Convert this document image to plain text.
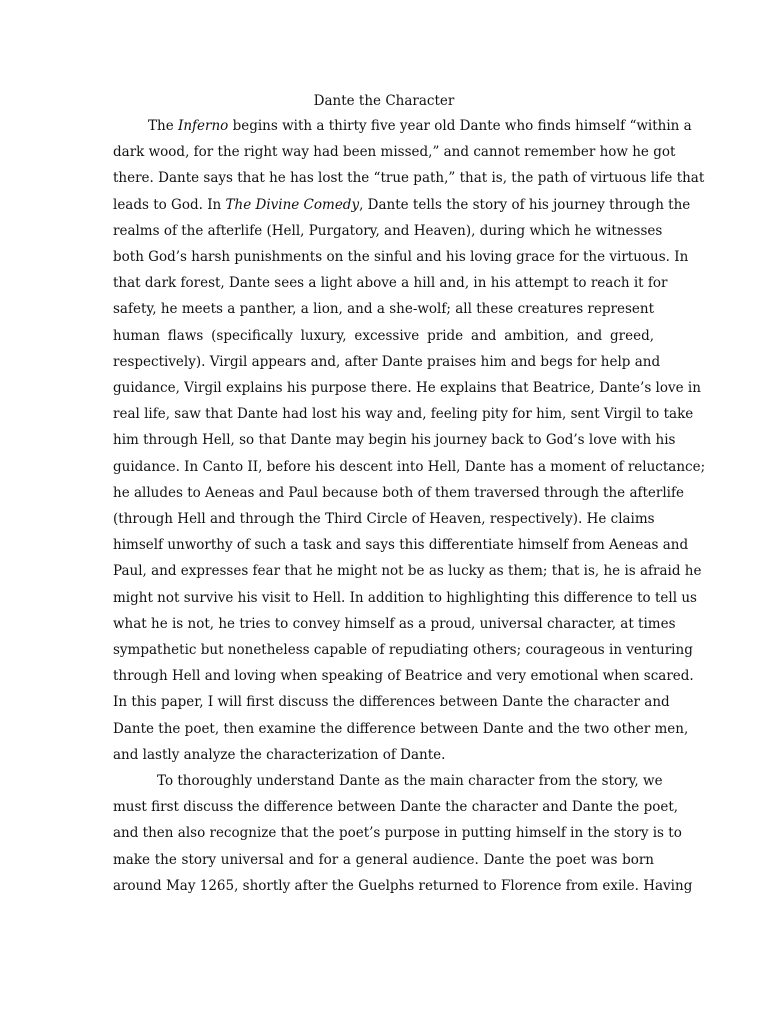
Dante the Character
The Inferno begins with a thirty five year old Dante who finds himself “within a
dark wood, for the right way had been missed,” and cannot remember how he got
there. Dante says that he has lost the “true path,” that is, the path of virtuous life that
leads to God. In The Divine Comedy, Dante tells the story of his journey through the
realms of the afterlife (Hell, Purgatory, and Heaven), during which he witnesses
both God’s harsh punishments on the sinful and his loving grace for the virtuous. In
that dark forest, Dante sees a light above a hill and, in his attempt to reach it for
safety, he meets a panther, a lion, and a she-wolf; all these creatures represent
human flaws (specifically luxury, excessive pride and ambition, and greed,
respectively). Virgil appears and, after Dante praises him and begs for help and
guidance, Virgil explains his purpose there. He explains that Beatrice, Dante’s love in
real life, saw that Dante had lost his way and, feeling pity for him, sent Virgil to take
him through Hell, so that Dante may begin his journey back to God’s love with his
guidance. In Canto II, before his descent into Hell, Dante has a moment of reluctance;
he alludes to Aeneas and Paul because both of them traversed through the afterlife
(through Hell and through the Third Circle of Heaven, respectively). He claims
himself unworthy of such a task and says this differentiate himself from Aeneas and
Paul, and expresses fear that he might not be as lucky as them; that is, he is afraid he
might not survive his visit to Hell. In addition to highlighting this difference to tell us
what he is not, he tries to convey himself as a proud, universal character, at times
sympathetic but nonetheless capable of repudiating others; courageous in venturing
through Hell and loving when speaking of Beatrice and very emotional when scared.
In this paper, I will first discuss the differences between Dante the character and
Dante the poet, then examine the difference between Dante and the two other men,
and lastly analyze the characterization of Dante.
To thoroughly understand Dante as the main character from the story, we
must first discuss the difference between Dante the character and Dante the poet,
and then also recognize that the poet’s purpose in putting himself in the story is to
make the story universal and for a general audience. Dante the poet was born
around May 1265, shortly after the Guelphs returned to Florence from exile. Having
